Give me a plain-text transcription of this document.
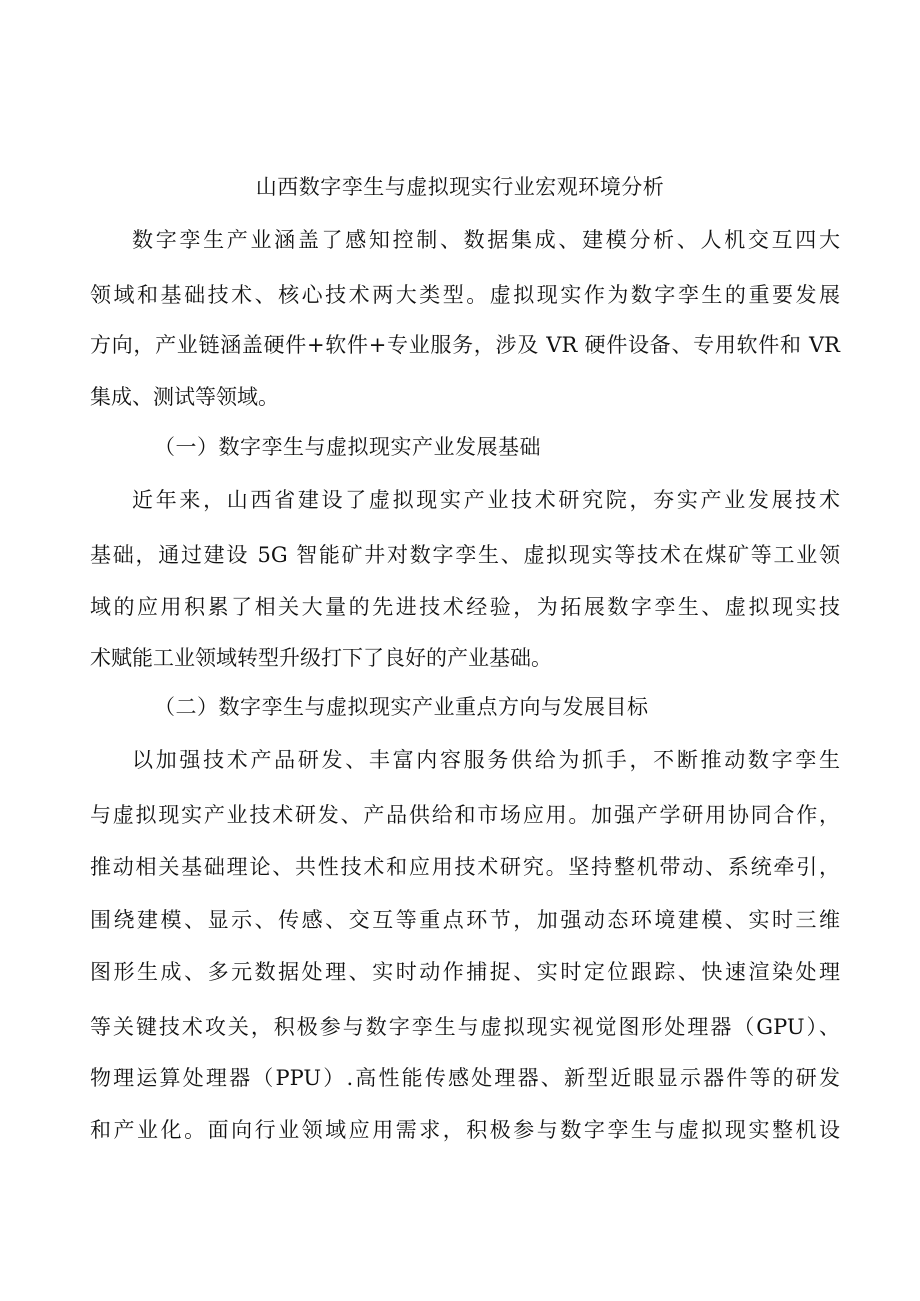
山西数字孪生与虚拟现实行业宏观环境分析
数字孪生产业涵盖了感知控制、数据集成、建模分析、人机交互四大
领域和基础技术、核心技术两大类型。虚拟现实作为数字孪生的重要发展
方向，产业链涵盖硬件+软件+专业服务，涉及 VR 硬件设备、专用软件和 VR
集成、测试等领域。
（一）数字孪生与虚拟现实产业发展基础
近年来，山西省建设了虚拟现实产业技术研究院，夯实产业发展技术
基础，通过建设 5G 智能矿井对数字孪生、虚拟现实等技术在煤矿等工业领
域的应用积累了相关大量的先进技术经验，为拓展数字孪生、虚拟现实技
术赋能工业领域转型升级打下了良好的产业基础。
（二）数字孪生与虚拟现实产业重点方向与发展目标
以加强技术产品研发、丰富内容服务供给为抓手，不断推动数字孪生
与虚拟现实产业技术研发、产品供给和市场应用。加强产学研用协同合作，
推动相关基础理论、共性技术和应用技术研究。坚持整机带动、系统牵引，
围绕建模、显示、传感、交互等重点环节，加强动态环境建模、实时三维
图形生成、多元数据处理、实时动作捕捉、实时定位跟踪、快速渲染处理
等关键技术攻关，积极参与数字孪生与虚拟现实视觉图形处理器（GPU）、
物理运算处理器（PPU）.高性能传感处理器、新型近眼显示器件等的研发
和产业化。面向行业领域应用需求，积极参与数字孪生与虚拟现实整机设
